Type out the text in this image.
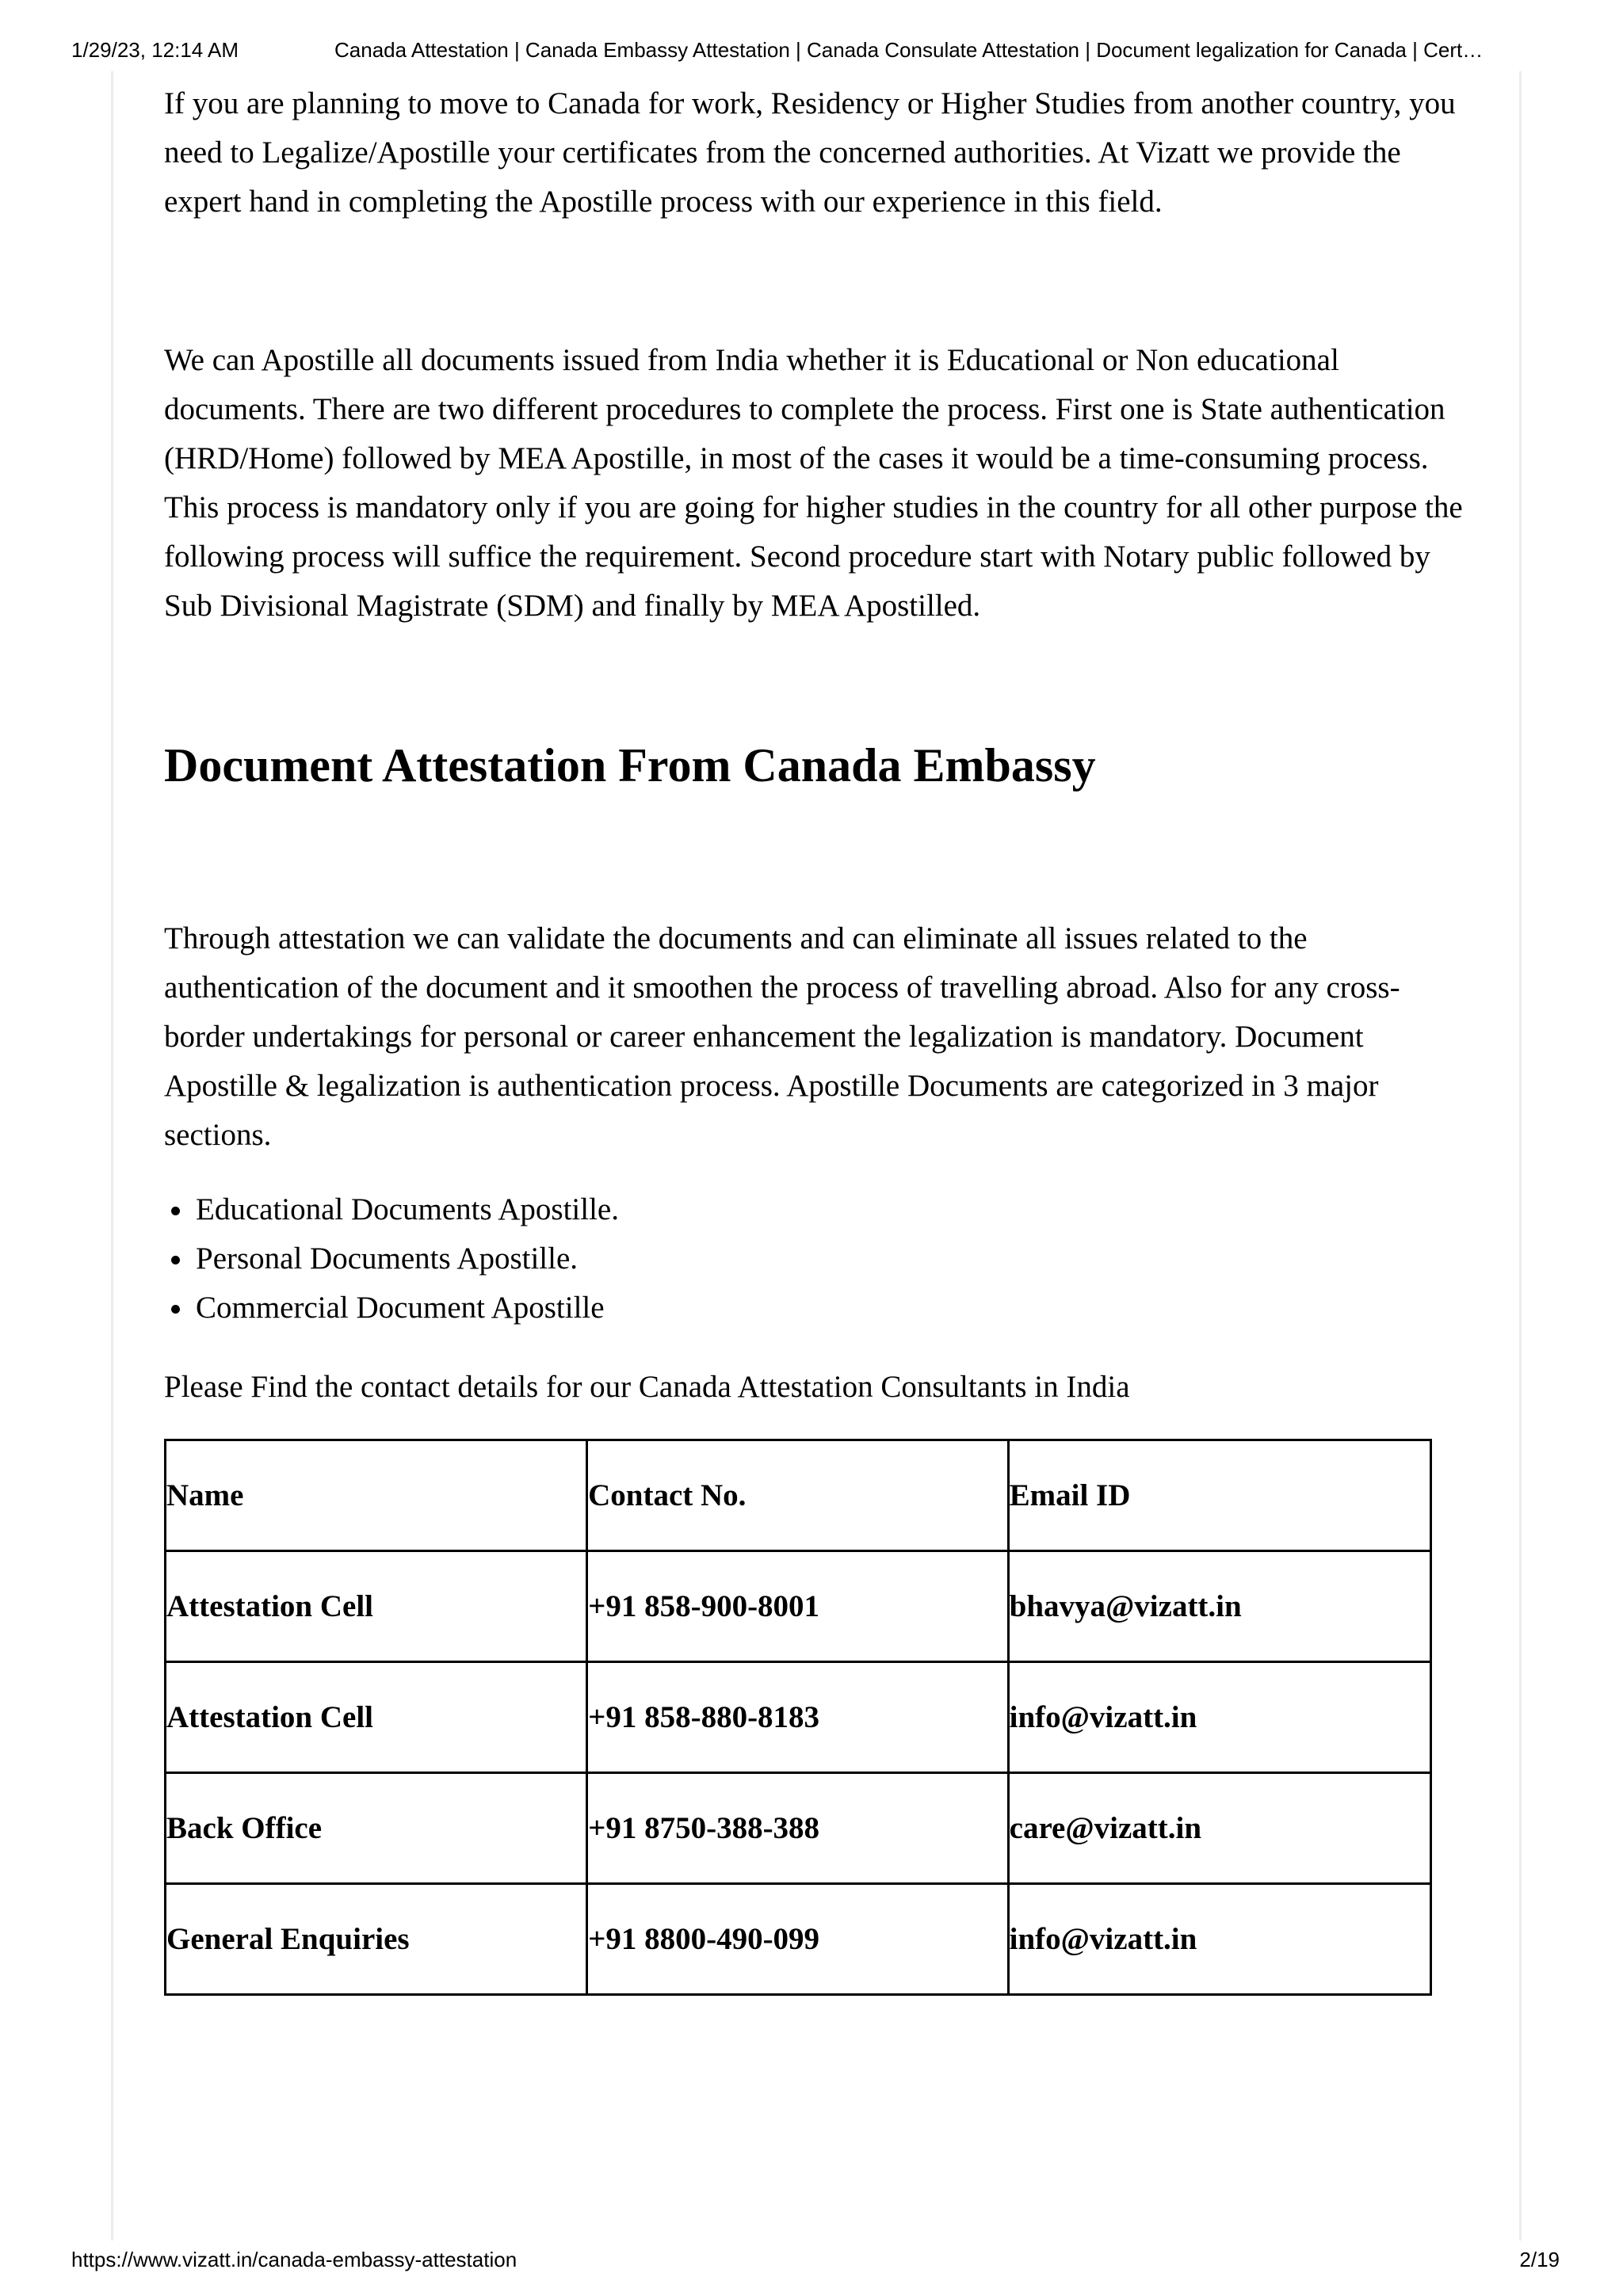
1/29/23, 12:14 AM	Canada Attestation | Canada Embassy Attestation | Canada Consulate Attestation | Document legalization for Canada | Cert…

If you are planning to move to Canada for work, Residency or Higher Studies from another country, you need to Legalize/Apostille your certificates from the concerned authorities. At Vizatt we provide the expert hand in completing the Apostille process with our experience in this field.

We can Apostille all documents issued from India whether it is Educational or Non educational documents. There are two different procedures to complete the process. First one is State authentication (HRD/Home) followed by MEA Apostille, in most of the cases it would be a time-consuming process. This process is mandatory only if you are going for higher studies in the country for all other purpose the following process will suffice the requirement. Second procedure start with Notary public followed by Sub Divisional Magistrate (SDM) and finally by MEA Apostilled.

Document Attestation From Canada Embassy

Through attestation we can validate the documents and can eliminate all issues related to the authentication of the document and it smoothen the process of travelling abroad. Also for any cross-border undertakings for personal or career enhancement the legalization is mandatory. Document Apostille & legalization is authentication process. Apostille Documents are categorized in 3 major sections.

• Educational Documents Apostille.
• Personal Documents Apostille.
• Commercial Document Apostille

Please Find the contact details for our Canada Attestation Consultants in India

Name	Contact No.	Email ID
Attestation Cell	+91 858-900-8001	bhavya@vizatt.in
Attestation Cell	+91 858-880-8183	info@vizatt.in
Back Office	+91 8750-388-388	care@vizatt.in
General Enquiries	+91 8800-490-099	info@vizatt.in
https://www.vizatt.in/canada-embassy-attestation	2/19
